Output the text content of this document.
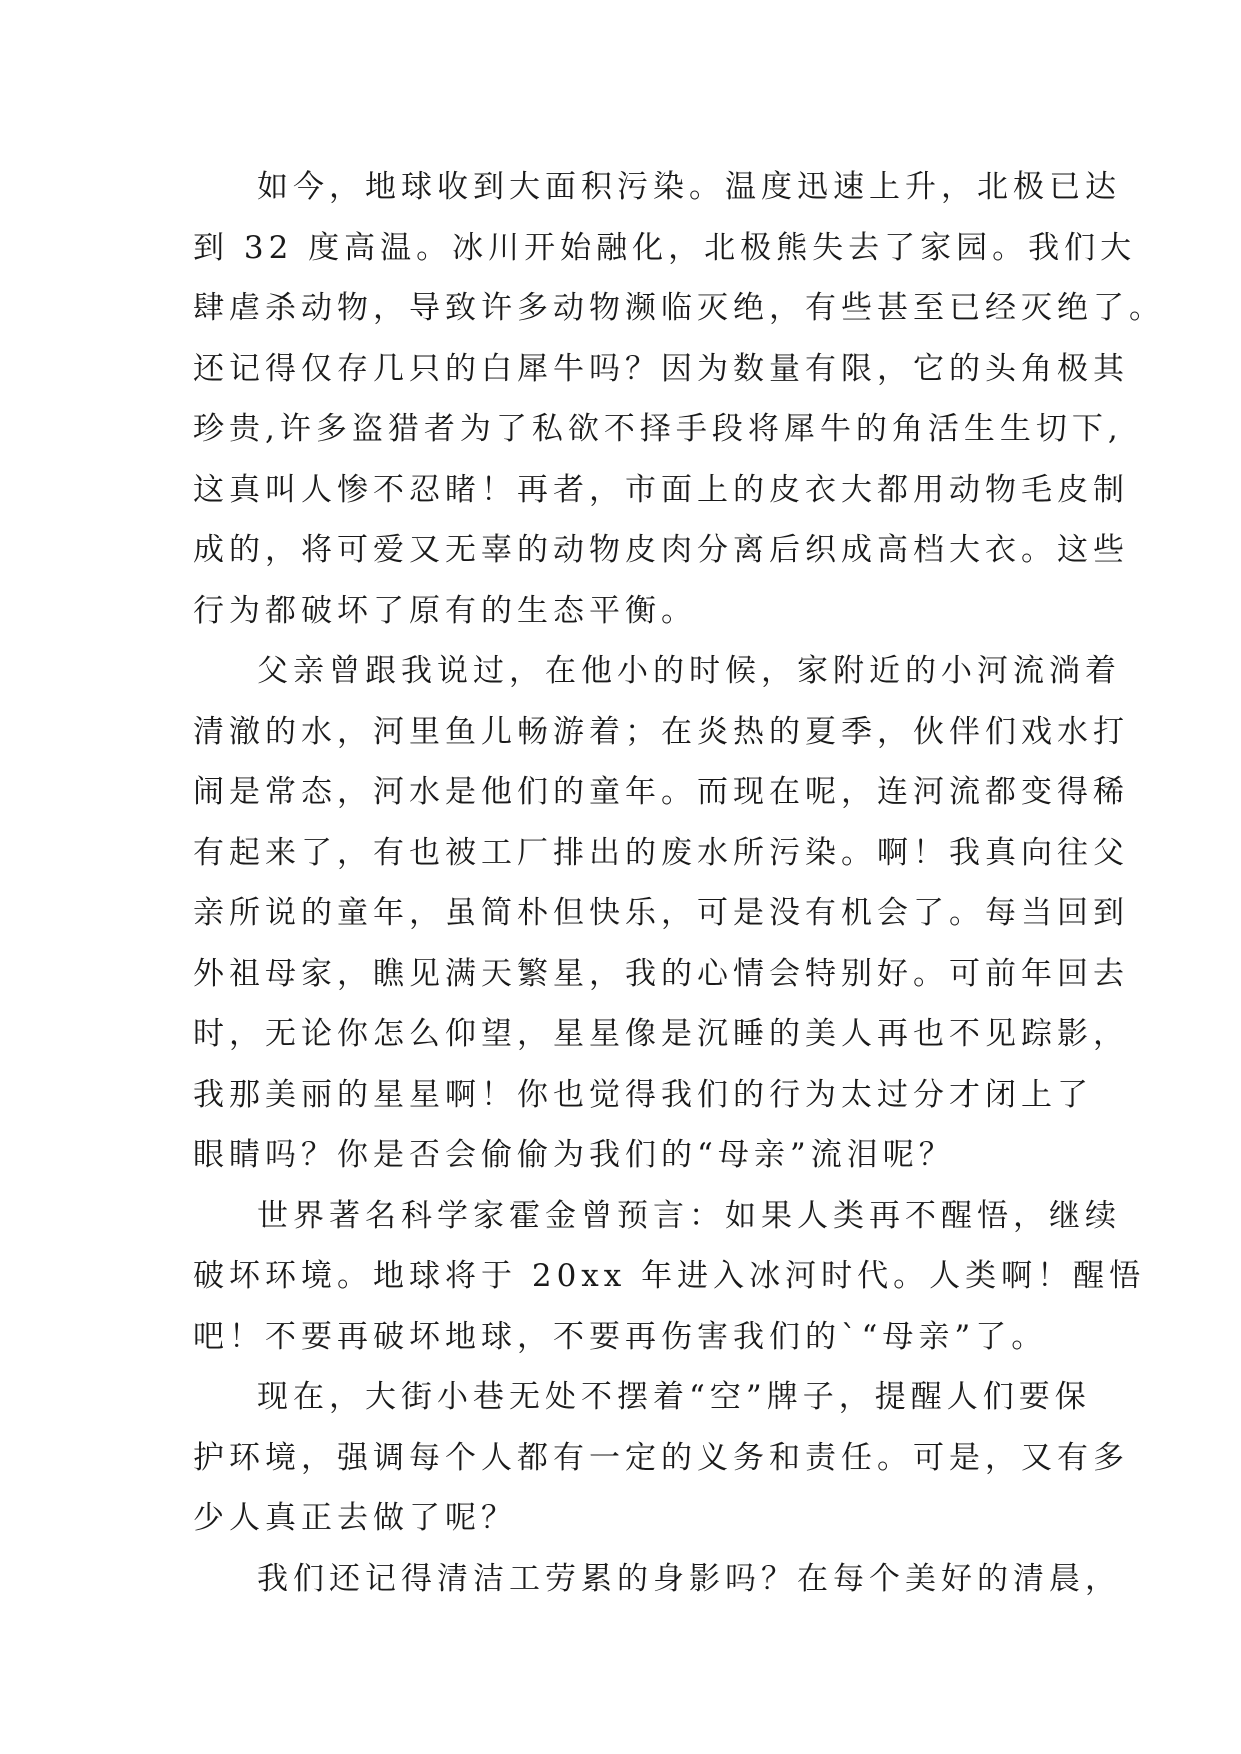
如今，地球收到大面积污染。温度迅速上升，北极已达
到 32 度高温。冰川开始融化，北极熊失去了家园。我们大
肆虐杀动物，导致许多动物濒临灭绝，有些甚至已经灭绝了。
还记得仅存几只的白犀牛吗？因为数量有限，它的头角极其
珍贵,许多盗猎者为了私欲不择手段将犀牛的角活生生切下,
这真叫人惨不忍睹！再者，市面上的皮衣大都用动物毛皮制
成的，将可爱又无辜的动物皮肉分离后织成高档大衣。这些
行为都破坏了原有的生态平衡。
父亲曾跟我说过，在他小的时候，家附近的小河流淌着
清澈的水，河里鱼儿畅游着；在炎热的夏季，伙伴们戏水打
闹是常态，河水是他们的童年。而现在呢，连河流都变得稀
有起来了，有也被工厂排出的废水所污染。啊！我真向往父
亲所说的童年，虽简朴但快乐，可是没有机会了。每当回到
外祖母家，瞧见满天繁星，我的心情会特别好。可前年回去
时，无论你怎么仰望，星星像是沉睡的美人再也不见踪影，
我那美丽的星星啊！你也觉得我们的行为太过分才闭上了
眼睛吗？你是否会偷偷为我们的“母亲”流泪呢？
世界著名科学家霍金曾预言：如果人类再不醒悟，继续
破坏环境。地球将于 20xx 年进入冰河时代。人类啊！醒悟
吧！不要再破坏地球，不要再伤害我们的`“母亲”了。
现在，大街小巷无处不摆着“空”牌子，提醒人们要保
护环境，强调每个人都有一定的义务和责任。可是，又有多
少人真正去做了呢？
我们还记得清洁工劳累的身影吗？在每个美好的清晨，
